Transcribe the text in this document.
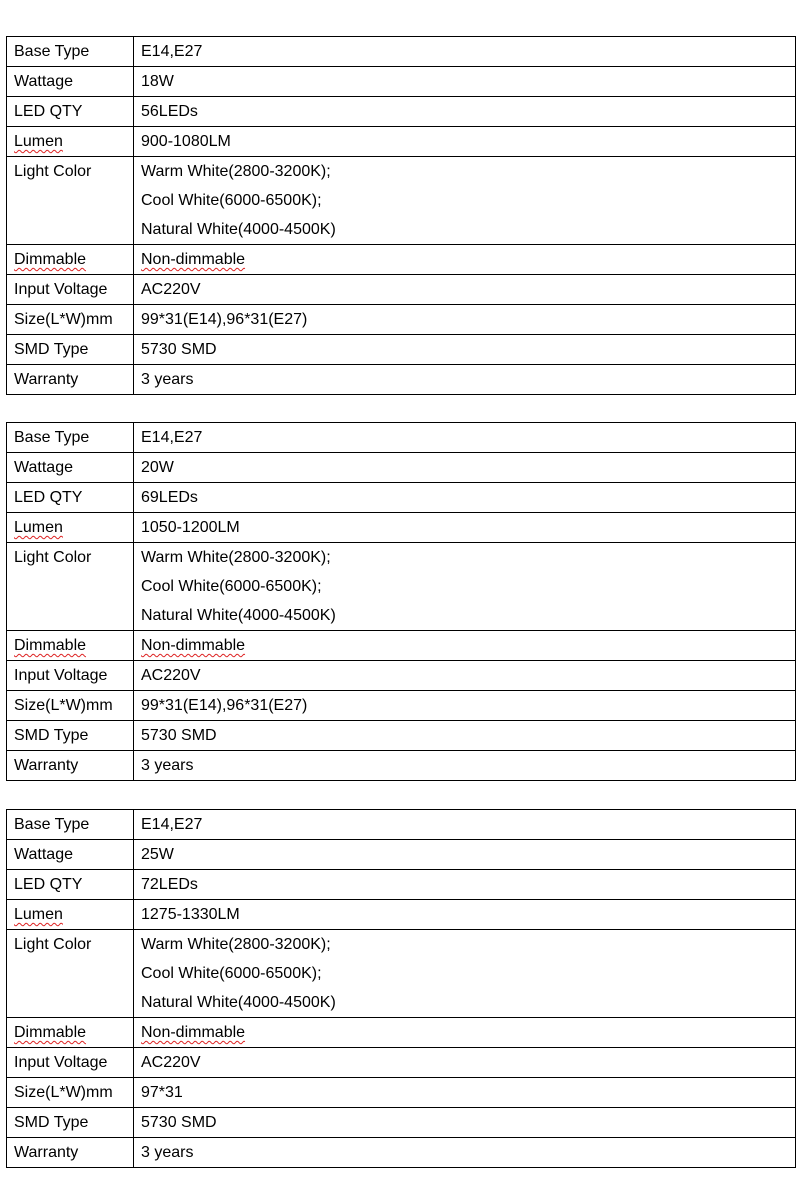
Base Type	E14,E27
Wattage	18W
LED QTY	56LEDs
Lumen	900-1080LM
Light Color	Warm White(2800-3200K);
Cool White(6000-6500K);
Natural White(4000-4500K)

Dimmable	Non-dimmable
Input Voltage	AC220V
Size(L*W)mm	99*31(E14),96*31(E27)
SMD Type	5730 SMD
Warranty	3 years
Base Type	E14,E27
Wattage	20W
LED QTY	69LEDs
Lumen	1050-1200LM
Light Color	Warm White(2800-3200K);
Cool White(6000-6500K);
Natural White(4000-4500K)

Dimmable	Non-dimmable
Input Voltage	AC220V
Size(L*W)mm	99*31(E14),96*31(E27)
SMD Type	5730 SMD
Warranty	3 years
Base Type	E14,E27
Wattage	25W
LED QTY	72LEDs
Lumen	1275-1330LM
Light Color	Warm White(2800-3200K);
Cool White(6000-6500K);
Natural White(4000-4500K)

Dimmable	Non-dimmable
Input Voltage	AC220V
Size(L*W)mm	97*31
SMD Type	5730 SMD
Warranty	3 years
